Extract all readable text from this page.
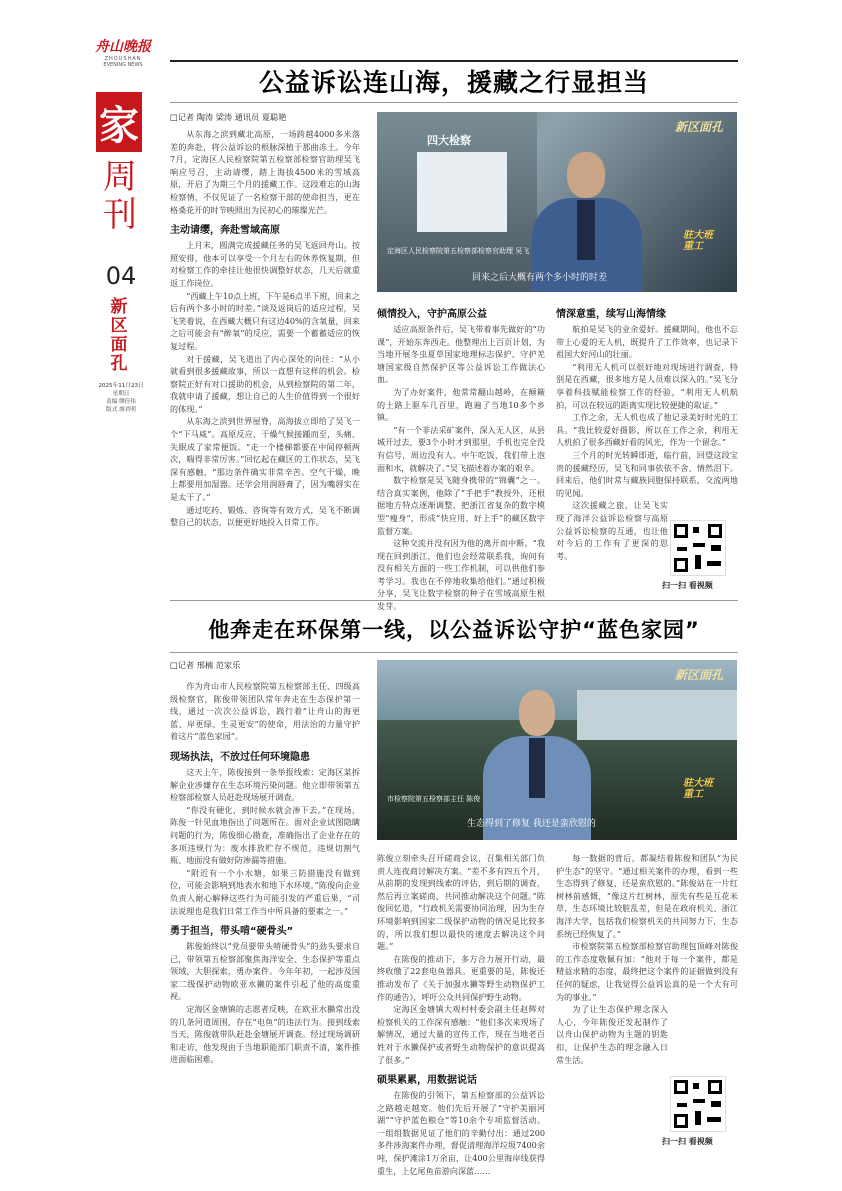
舟山晚报
ZHOUSHAN
EVENING NEWS
家
周
刊
04
新
区
面
孔
2025年11月23日
星期日
责编 缪佳伟
版式 虞君明
公益诉讼连山海，援藏之行显担当
□记者 陶涛 梁涛 通讯员 夏聪艳

从东海之滨到藏北高原，一场跨越4000多米落差的奔赴，将公益诉讼的根脉深植于那曲冻土。今年7月，定海区人民检察院第五检察部检察官助理吴飞响应号召，主动请缨，踏上海拔4500米的雪域高原，开启了为期三个月的援藏工作。这段难忘的山海检察情，不仅见证了一名检察干部的使命担当，更在格桑花开的时节映照出为民初心的璀璨光芒。

主动请缨，奔赴雪域高原

上月末，圆满完成援藏任务的吴飞返回舟山。按照安排，他本可以享受一个月左右的休养恢复期，但对检察工作的牵挂让他很快调整好状态，几天后就重返工作岗位。

“西藏上午10点上班，下午是6点半下班，回来之后有两个多小时的时差。”谈及返岗后的适应过程，吴飞笑着说，在西藏大概只有这边40%的含氧量，回来之后可能会有“醉氧”的反应，需要一个蓄蓄适应的恢复过程。

对于援藏，吴飞道出了内心深处的向往：“从小就看到很多援藏故事，所以一直想有这样的机会。检察院正好有对口援助的机会，从到检察院的第二年，我就申请了援藏，想让自己的人生价值得到一个很好的体现。”

从东海之滨到世界屋脊，高海拔立即给了吴飞一个“下马威”。高原反应、干燥气候接踵而至，头痛、失眠成了家常便饭。“走一个楼梯都要在中间停顿两次，喘得非常厉害。”回忆起在藏区的工作状态，吴飞深有感触，“那边条件确实非常辛苦。空气干燥，晚上都要用加湿器。还学会用润唇膏了，因为嘴唇实在是太干了。”

通过吃药、锻炼、咨询等有效方式，吴飞不断调整自己的状态，以便更好地投入日常工作。

四大检察
新区面孔
驻大班 重工
定海区人民检察院第五检察部检察官助理 吴飞
回来之后大概有两个多小时的时差
倾情投入，守护高原公益

适应高原条件后，吴飞带着事先做好的“功课”，开始东奔西走。他整理出上百页计划，为当地开展冬虫夏草国家地理标志保护、守护羌塘国家级自然保护区等公益诉讼工作做法心血。

为了办好案件，他常常翻山越岭，在颠簸的土路上驱车几百里，跑遍了当地10多个乡镇。

“有一个非法采矿案件，深入无人区，从县城开过去，要3个小时才到那里，手机也完全没有信号，周边没有人。中午吃饭，我们带上泡面和水，就解决了。”吴飞描述着办案的艰辛。

数字检察是吴飞随身携带的“锦囊”之一。结合真实案例，他除了“手把手”教授外，还根据地方特点逐渐调整，把浙江省复杂的数字模型“瘦身”，形成“快应用、好上手”的藏区数字监督方案。

这种交流并没有因为他的离开而中断。“我现在回到浙江，他们也会经常联系我，询问有没有相关方面的一些工作机制，可以供他们参考学习。我也在不停地收集给他们。”通过积极分享，吴飞让数字检察的种子在雪域高原生根发芽。

情深意重，续写山海情缘

航拍是吴飞的业余爱好。援藏期间，他也不忘带上心爱的无人机，既提升了工作效率，也记录下祖国大好河山的壮丽。

“利用无人机可以很好地对现场进行调查，特别是在西藏，很多地方是人员难以深入的。”吴飞分享着科技赋能检察工作的经验，“利用无人机航拍，可以在较远的距离实现比较便捷的取证。”

工作之余，无人机也成了他记录美好时光的工具。“我比较爱好摄影，所以在工作之余，利用无人机拍了很多西藏好看的风光，作为一个留念。”

三个月的时光转瞬即逝，临行前，回望这段宝贵的援藏经历，吴飞和同事依依不舍、情然泪下。回来后，他们时常与藏族同胞保持联系，交流两地的见闻。

这次援藏之旅，让吴飞实现了海洋公益诉讼检察与高原公益诉讼检察的互通，也让他对今后的工作有了更深的思考。

扫一扫 看视频
他奔走在环保第一线，以公益诉讼守护“蓝色家园”
□记者 邢楠 范家乐

作为舟山市人民检察院第五检察部主任、四级高级检察官，陈俊带领团队常年奔走在生态保护第一线，通过一次次公益诉讼，践行着“让舟山的海更蓝、岸更绿、生灵更安”的使命，用法治的力量守护着这片“蓝色家园”。

现场执法，不放过任何环境隐患

这天上午，陈俊接到一条举报线索：定海区某拆解企业涉嫌存在生态环境污染问题。他立即带领第五检察部检察人员赶赴现场展开调查。

“你没有硬化，到时候水就会渗下去。”在现场，陈俊一针见血地指出了问题所在。面对企业试图隐瞒问题的行为，陈俊细心勘查，准确指出了企业存在的多项违规行为：废水排放贮存不规范，违规切割气瓶、地面没有做好防渗漏等措施。

“附近有一个小水塘，如果三防措施没有做到位，可能会影响到地表水和地下水环境。”陈俊向企业负责人耐心解释这些行为可能引发的严重后果，“司法说理也是我们日常工作当中所具备的要素之一。”

勇于担当，带头啃“硬骨头”

陈俊始终以“党员要带头啃硬骨头”的劲头要求自己，带领第五检察部聚焦海洋安全、生态保护等重点领域，大胆探索，勇办案件。今年年初，一起涉及国家二级保护动物欧亚水獭的案件引起了他的高度重视。

定海区金塘镇的志愿者反映，在欧亚水獭常出没的几条河道周围，存在“电鱼”的违法行为。接到线索当天，陈俊就带队赶赴金塘展开调查。经过现场调研和走访，他发现由于当地职能部门职责不清，案件推进面临困难。

新区面孔
驻大班 重工
市检察院第五检察部主任 陈俊
生态得到了修复 我还是蛮欣慰的

陈俊立刻牵头召开磋商会议，召集相关部门负责人连夜商讨解决方案。“差不多有四五个月，从前期的发现到线索的评估，到后期的调查，然后再立案磋商，共同推动解决这个问题。”陈俊回忆道，“行政机关需要协同治理，因为生存环境影响到国家二级保护动物的情况是比较多的，所以我们想以最快的速度去解决这个问题。”

在陈俊的推动下，多方合力展开行动，最终收缴了22套电鱼器具。更重要的是，陈俊还推动发布了《关于加强水獭等野生动物保护工作的通告》，呼吁公众共同保护野生动物。

定海区金塘镇大观村村委会副主任赵辉对检察机关的工作深有感触：“他们多次来现场了解情况，通过大量的宣传工作，现在当地老百姓对于水獭保护或者野生动物保护的意识提高了很多。”

硕果累累，用数据说话

在陈俊的引领下，第五检察部的公益诉讼之路越走越宽。他们先后开展了“守护美丽河湖”“守护蓝色粮仓”等10余个专项监督活动。一组组数据见证了他们的辛勤付出：通过200多件涉海案件办理，督促清理海洋垃圾7400余吨，保护滩涂1万余亩，让400公里海岸线获得重生，上亿尾鱼苗游向深蓝……

每一数据的背后，都凝结着陈俊和团队“为民护生态”的坚守。“通过相关案件的办理，看到一些生态得到了修复，还是蛮欣慰的。”陈俊站在一片红树林前感慨，“像这片红树林，原先有些是互花米草，生态环境比较脏乱差，但是在政府机关、浙江海洋大学，包括我们检察机关的共同努力下，生态系统已经恢复了。”

市检察院第五检察部检察官助理包顶峰对陈俊的工作态度敬佩有加：“他对于每一个案件，都是精益求精的态度，最终把这个案件的证据做到没有任何的疑虑，让我觉得公益诉讼真的是一个大有可为的事业。”

为了让生态保护理念深入人心，今年陈俊还发起制作了以舟山保护动物为主题的钥匙扣，让保护生态的理念融入日常生活。

扫一扫 看视频
